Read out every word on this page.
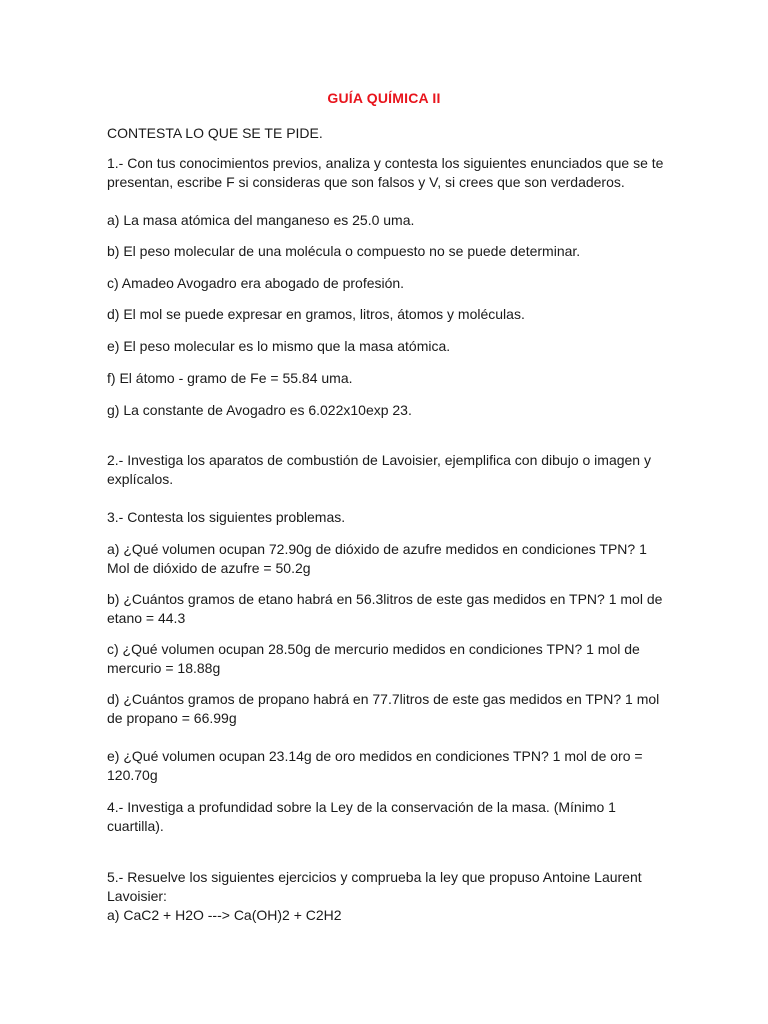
GUÍA QUÍMICA II

CONTESTA LO QUE SE TE PIDE.

1.- Con tus conocimientos previos, analiza y contesta los siguientes enunciados que se te
presentan, escribe F si consideras que son falsos y V, si crees que son verdaderos.

a) La masa atómica del manganeso es 25.0 uma.

b) El peso molecular de una molécula o compuesto no se puede determinar.

c) Amadeo Avogadro era abogado de profesión.

d) El mol se puede expresar en gramos, litros, átomos y moléculas.

e) El peso molecular es lo mismo que la masa atómica.

f) El átomo - gramo de Fe = 55.84 uma.

g) La constante de Avogadro es 6.022x10exp 23.

2.- Investiga los aparatos de combustión de Lavoisier, ejemplifica con dibujo o imagen y
explícalos.

3.- Contesta los siguientes problemas.

a) ¿Qué volumen ocupan 72.90g de dióxido de azufre medidos en condiciones TPN? 1
Mol de dióxido de azufre = 50.2g

b) ¿Cuántos gramos de etano habrá en 56.3litros de este gas medidos en TPN? 1 mol de
etano = 44.3

c) ¿Qué volumen ocupan 28.50g de mercurio medidos en condiciones TPN? 1 mol de
mercurio = 18.88g

d) ¿Cuántos gramos de propano habrá en 77.7litros de este gas medidos en TPN? 1 mol
de propano = 66.99g

e) ¿Qué volumen ocupan 23.14g de oro medidos en condiciones TPN? 1 mol de oro =
120.70g

4.- Investiga a profundidad sobre la Ley de la conservación de la masa. (Mínimo 1
cuartilla).

5.- Resuelve los siguientes ejercicios y comprueba la ley que propuso Antoine Laurent
Lavoisier:
a) CaC2 + H2O ---> Ca(OH)2 + C2H2
